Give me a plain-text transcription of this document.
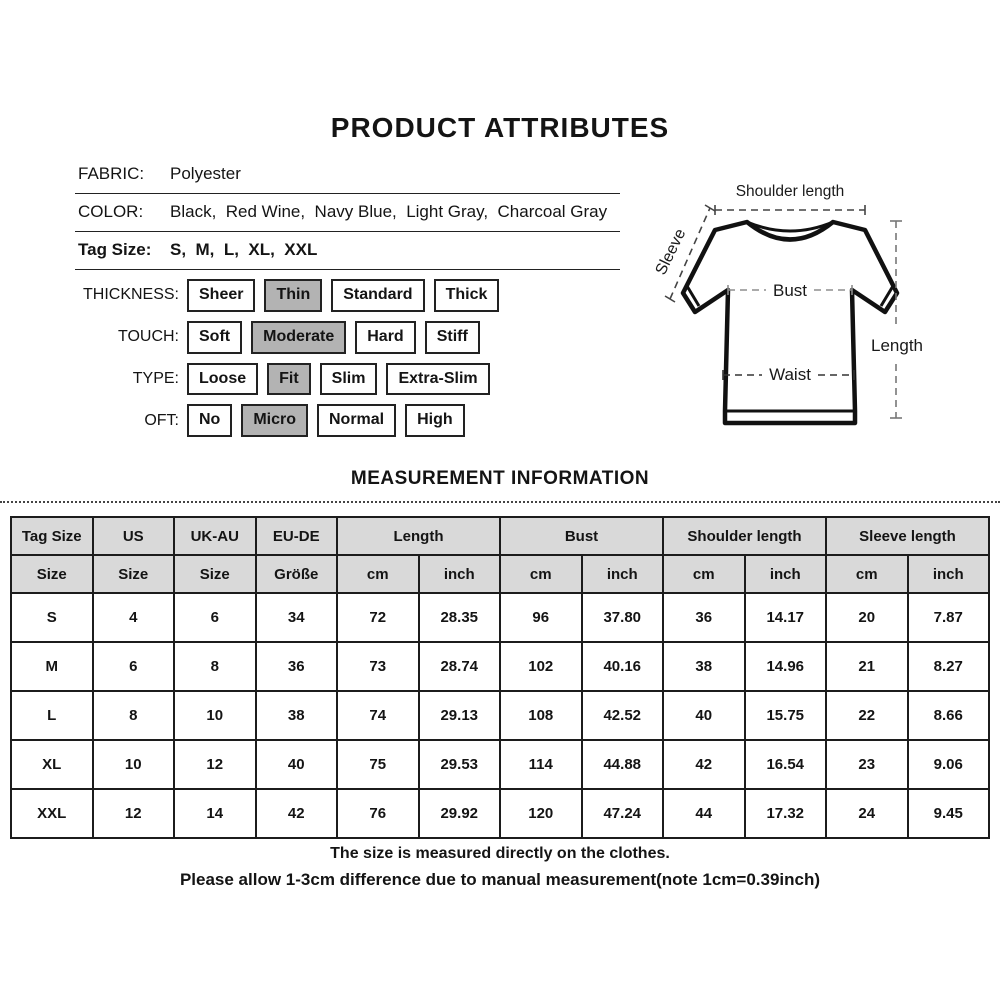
PRODUCT ATTRIBUTES
FABRIC:	Polyester
COLOR:	Black,  Red Wine,  Navy Blue,  Light Gray,  Charcoal Gray
Tag Size:	S,  M,  L,  XL,  XXL
THICKNESS:	Sheer	Thin	Standard	Thick
TOUCH:	Soft	Moderate	Hard	Stiff
TYPE:	Loose	Fit	Slim	Extra-Slim
OFT:	No	Micro	Normal	High
Shoulder length
Sleeve
Bust
Waist
Length
MEASUREMENT INFORMATION
Tag Size	US	UK-AU	EU-DE	Length		Bust		Shoulder length		Sleeve length	
Size	Size	Size	Größe	cm	inch	cm	inch	cm	inch	cm	inch
S	4	6	34	72	28.35	96	37.80	36	14.17	20	7.87
M	6	8	36	73	28.74	102	40.16	38	14.96	21	8.27
L	8	10	38	74	29.13	108	42.52	40	15.75	22	8.66
XL	10	12	40	75	29.53	114	44.88	42	16.54	23	9.06
XXL	12	14	42	76	29.92	120	47.24	44	17.32	24	9.45
The size is measured directly on the clothes.
Please allow 1-3cm difference due to manual measurement(note 1cm=0.39inch)
